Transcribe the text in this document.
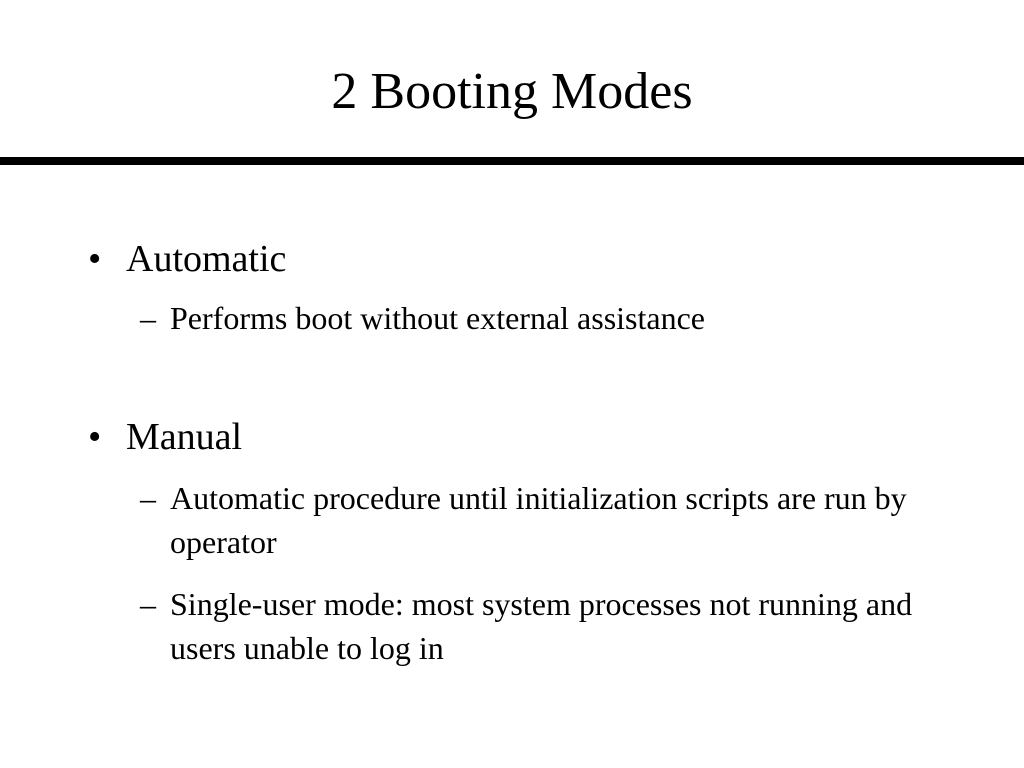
2 Booting Modes
• Automatic
– Performs boot without external assistance
• Manual
– Automatic procedure until initialization scripts are run by operator
– Single-user mode: most system processes not running and users unable to log in
